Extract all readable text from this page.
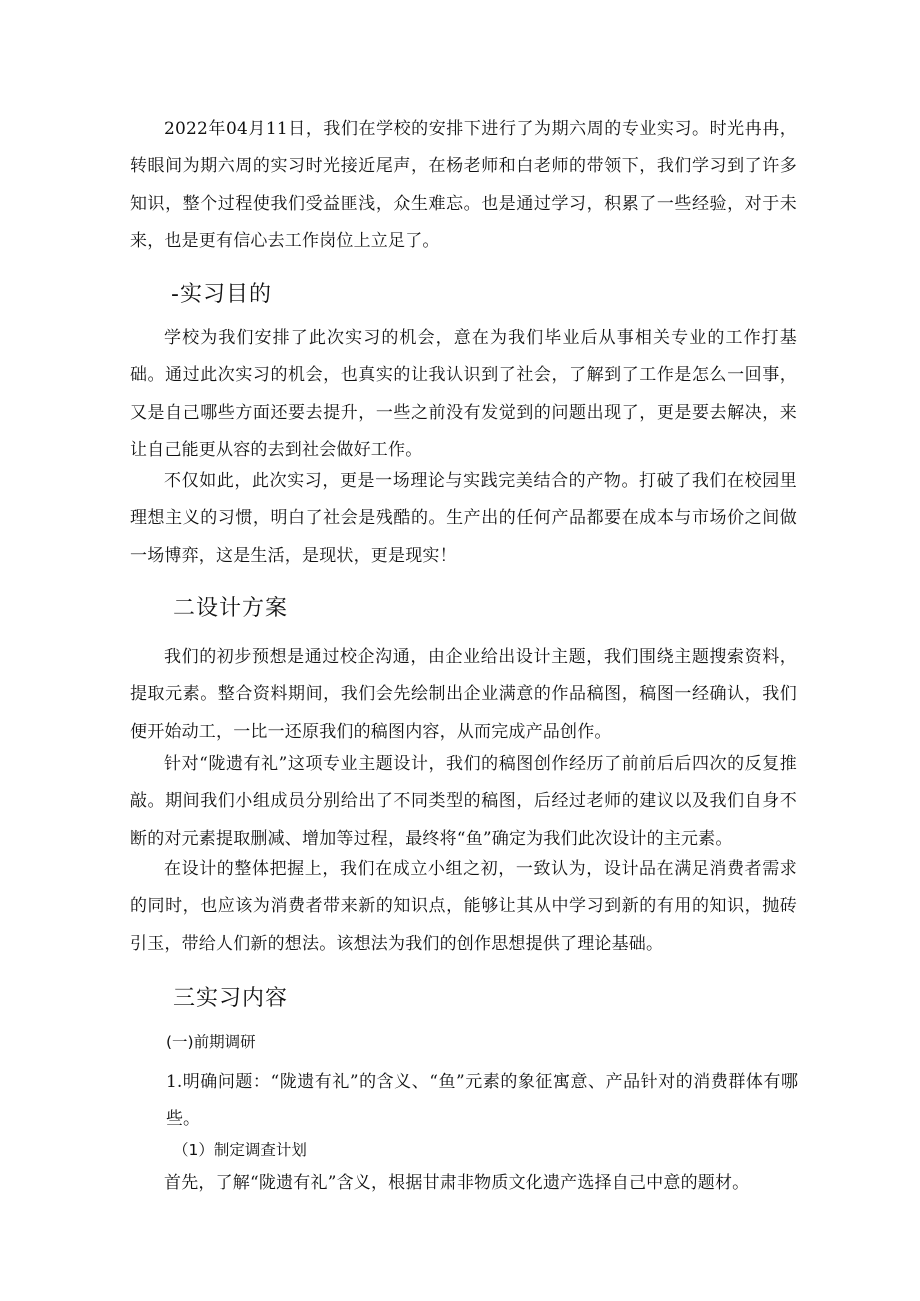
2022年04月11日，我们在学校的安排下进行了为期六周的专业实习。时光冉冉，转眼间为期六周的实习时光接近尾声，在杨老师和白老师的带领下，我们学习到了许多知识，整个过程使我们受益匪浅，众生难忘。也是通过学习，积累了一些经验，对于未来，也是更有信心去工作岗位上立足了。
-实习目的
学校为我们安排了此次实习的机会，意在为我们毕业后从事相关专业的工作打基础。通过此次实习的机会，也真实的让我认识到了社会，了解到了工作是怎么一回事，又是自己哪些方面还要去提升，一些之前没有发觉到的问题出现了，更是要去解决，来让自己能更从容的去到社会做好工作。
不仅如此，此次实习，更是一场理论与实践完美结合的产物。打破了我们在校园里理想主义的习惯，明白了社会是残酷的。生产出的任何产品都要在成本与市场价之间做一场博弈，这是生活，是现状，更是现实！
二设计方案
我们的初步预想是通过校企沟通，由企业给出设计主题，我们围绕主题搜索资料，提取元素。整合资料期间，我们会先绘制出企业满意的作品稿图，稿图一经确认，我们便开始动工，一比一还原我们的稿图内容，从而完成产品创作。
针对“陇遗有礼”这项专业主题设计，我们的稿图创作经历了前前后后四次的反复推敲。期间我们小组成员分别给出了不同类型的稿图，后经过老师的建议以及我们自身不断的对元素提取删减、增加等过程，最终将“鱼”确定为我们此次设计的主元素。
在设计的整体把握上，我们在成立小组之初，一致认为，设计品在满足消费者需求的同时，也应该为消费者带来新的知识点，能够让其从中学习到新的有用的知识，抛砖引玉，带给人们新的想法。该想法为我们的创作思想提供了理论基础。
三实习内容
(一)前期调研
1.明确问题：“陇遗有礼”的含义、“鱼”元素的象征寓意、产品针对的消费群体有哪些。
（1）制定调查计划
首先，了解“陇遗有礼”含义，根据甘肃非物质文化遗产选择自己中意的题材。
